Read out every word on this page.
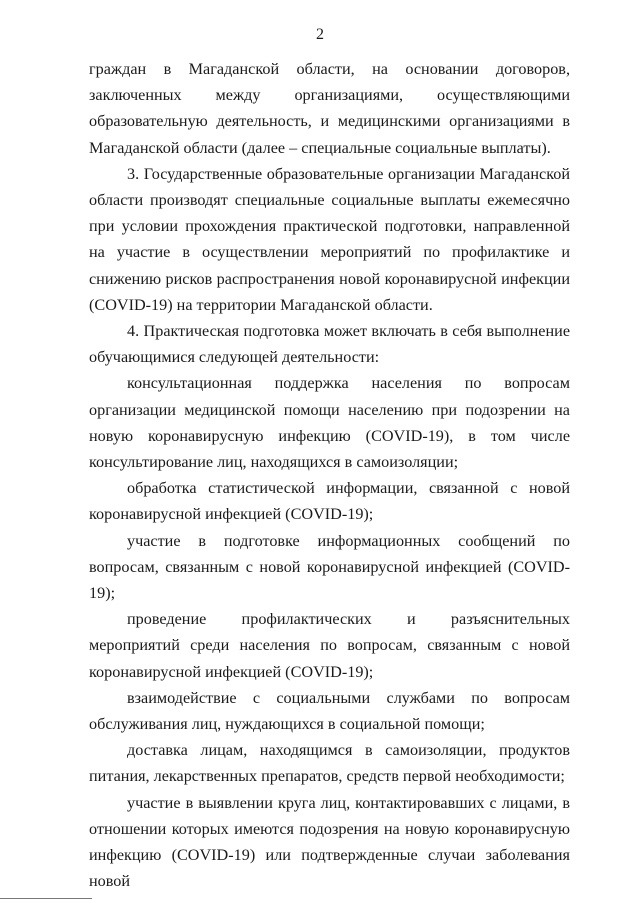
2

граждан в Магаданской области, на основании договоров, заключенных между организациями, осуществляющими образовательную деятельность, и медицинскими организациями в Магаданской области (далее – специальные социальные выплаты).

3. Государственные образовательные организации Магаданской области производят специальные социальные выплаты ежемесячно при условии прохождения практической подготовки, направленной на участие в осуществлении мероприятий по профилактике и снижению рисков распространения новой коронавирусной инфекции (COVID-19) на территории Магаданской области.

4. Практическая подготовка может включать в себя выполнение обучающимися следующей деятельности:

консультационная поддержка населения по вопросам организации медицинской помощи населению при подозрении на новую коронавирусную инфекцию (COVID-19), в том числе консультирование лиц, находящихся в самоизоляции;

обработка статистической информации, связанной с новой коронавирусной инфекцией (COVID-19);

участие в подготовке информационных сообщений по вопросам, связанным с новой коронавирусной инфекцией (COVID-19);

проведение профилактических и разъяснительных мероприятий среди населения по вопросам, связанным с новой коронавирусной инфекцией (COVID-19);

взаимодействие с социальными службами по вопросам обслуживания лиц, нуждающихся в социальной помощи;

доставка лицам, находящимся в самоизоляции, продуктов питания, лекарственных препаратов, средств первой необходимости;

участие в выявлении круга лиц, контактировавших с лицами, в отношении которых имеются подозрения на новую коронавирусную инфекцию (COVID-19) или подтвержденные случаи заболевания новой
